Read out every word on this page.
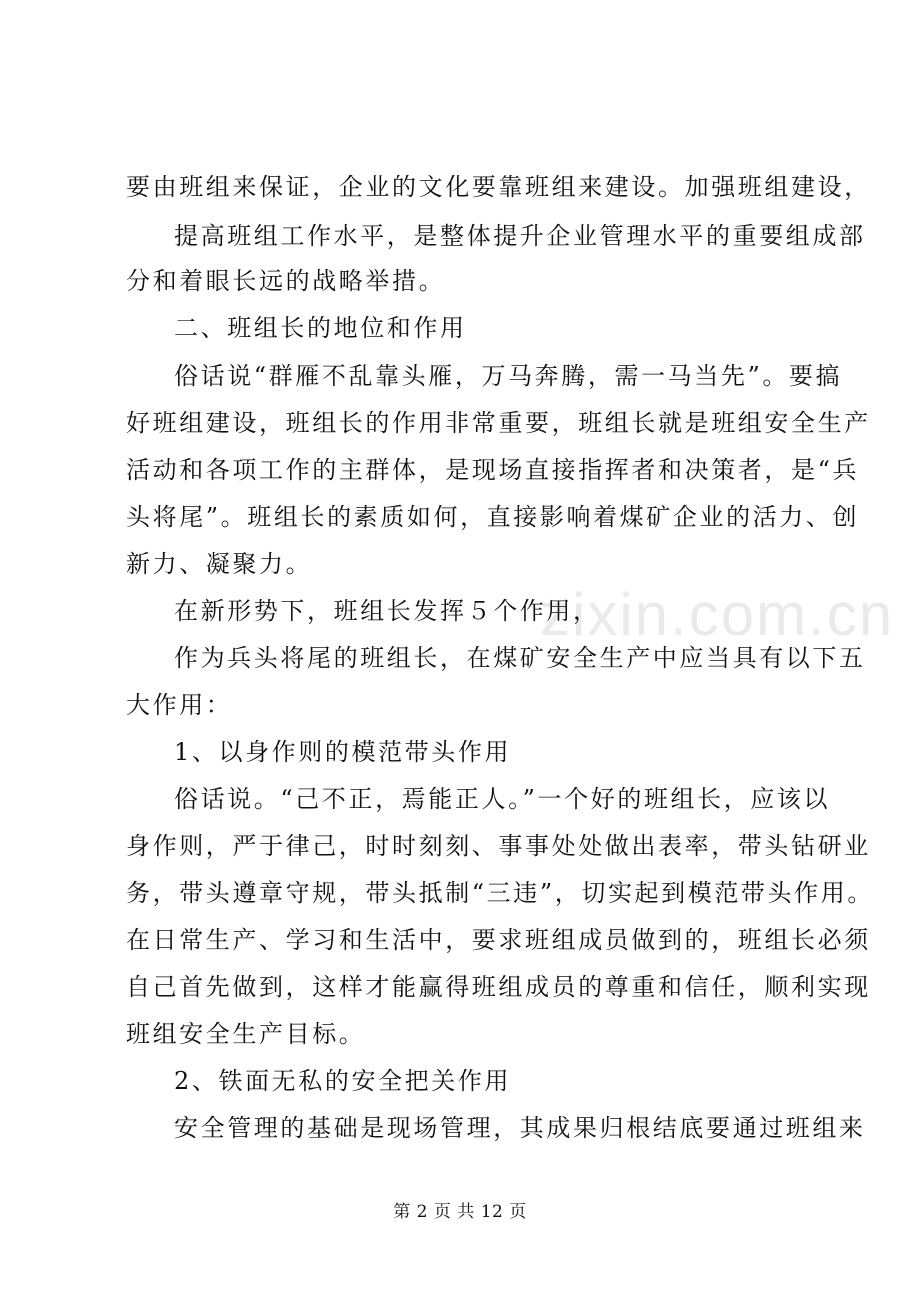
zixin.com.cn
要由班组来保证，企业的文化要靠班组来建设。加强班组建设，
提高班组工作水平，是整体提升企业管理水平的重要组成部
分和着眼长远的战略举措。
二、班组长的地位和作用
俗话说“群雁不乱靠头雁，万马奔腾，需一马当先”。要搞
好班组建设，班组长的作用非常重要，班组长就是班组安全生产
活动和各项工作的主群体，是现场直接指挥者和决策者，是“兵
头将尾”。班组长的素质如何，直接影响着煤矿企业的活力、创
新力、凝聚力。
在新形势下，班组长发挥５个作用，
作为兵头将尾的班组长，在煤矿安全生产中应当具有以下五
大作用：
1、以身作则的模范带头作用
俗话说。“己不正，焉能正人。”一个好的班组长，应该以
身作则，严于律己，时时刻刻、事事处处做出表率，带头钻研业
务，带头遵章守规，带头抵制“三违”，切实起到模范带头作用。
在日常生产、学习和生活中，要求班组成员做到的，班组长必须
自己首先做到，这样才能赢得班组成员的尊重和信任，顺利实现
班组安全生产目标。
2、铁面无私的安全把关作用
安全管理的基础是现场管理，其成果归根结底要通过班组来
第 2 页 共 12 页
